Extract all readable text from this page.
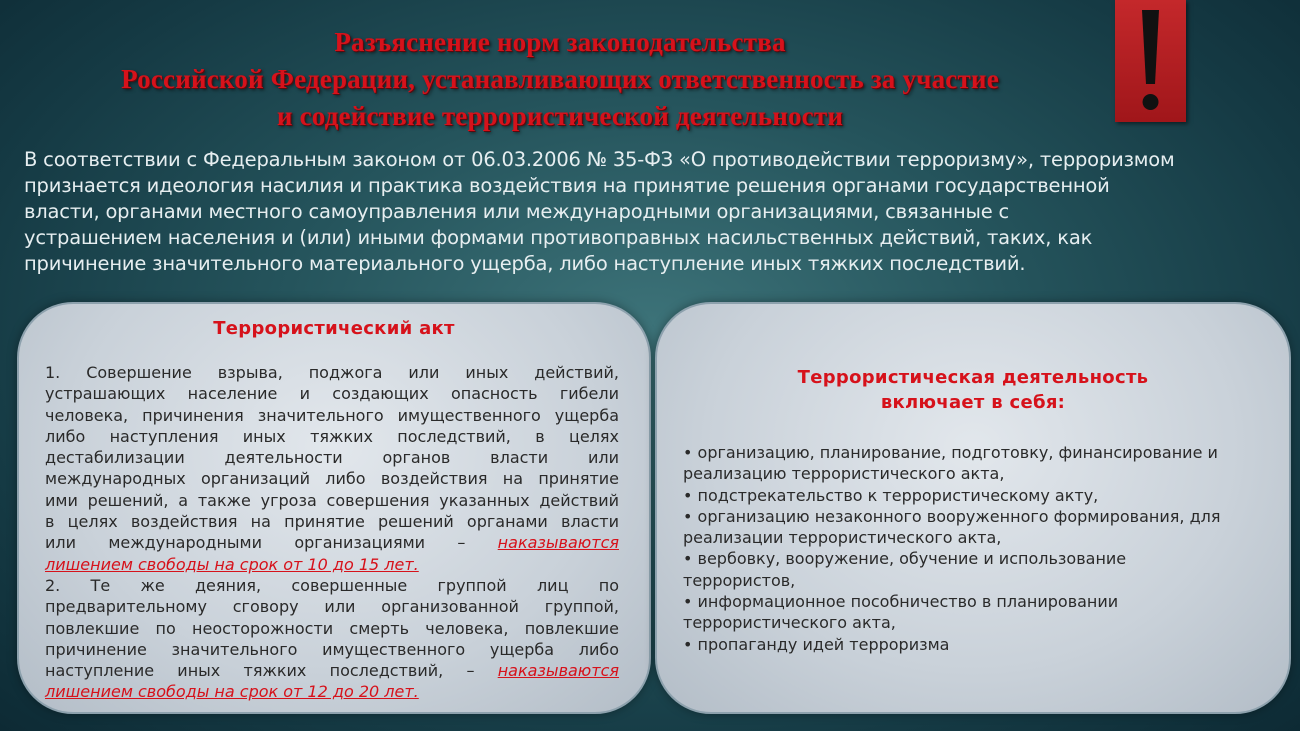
Разъяснение норм законодательства
Российской Федерации, устанавливающих ответственность за участие
и содействие террористической деятельности
В соответствии с Федеральным законом от 06.03.2006 № 35-ФЗ «О противодействии терроризму», терроризмом
признается идеология насилия и практика воздействия на принятие решения органами государственной
власти, органами местного самоуправления или международными организациями, связанные с
устрашением населения и (или) иными формами противоправных насильственных действий, таких, как
причинение значительного материального ущерба, либо наступление иных тяжких последствий.
Террористический акт
1. Совершение взрыва, поджога или иных действий,
устрашающих население и создающих опасность гибели
человека, причинения значительного имущественного ущерба
либо наступления иных тяжких последствий, в целях
дестабилизации деятельности органов власти или
международных организаций либо воздействия на принятие
ими решений, а также угроза совершения указанных действий
в целях воздействия на принятие решений органами власти
или международными организациями – наказываются
лишением свободы на срок от 10 до 15 лет.
2. Те же деяния, совершенные группой лиц по
предварительному сговору или организованной группой,
повлекшие по неосторожности смерть человека, повлекшие
причинение значительного имущественного ущерба либо
наступление иных тяжких последствий, – наказываются
лишением свободы на срок от 12 до 20 лет.
Террористическая деятельность
включает в себя:
• организацию, планирование, подготовку, финансирование и
реализацию террористического акта,
• подстрекательство к террористическому акту,
• организацию незаконного вооруженного формирования, для
реализации террористического акта,
• вербовку, вооружение, обучение и использование
террористов,
• информационное пособничество в планировании
террористического акта,
• пропаганду идей терроризма
